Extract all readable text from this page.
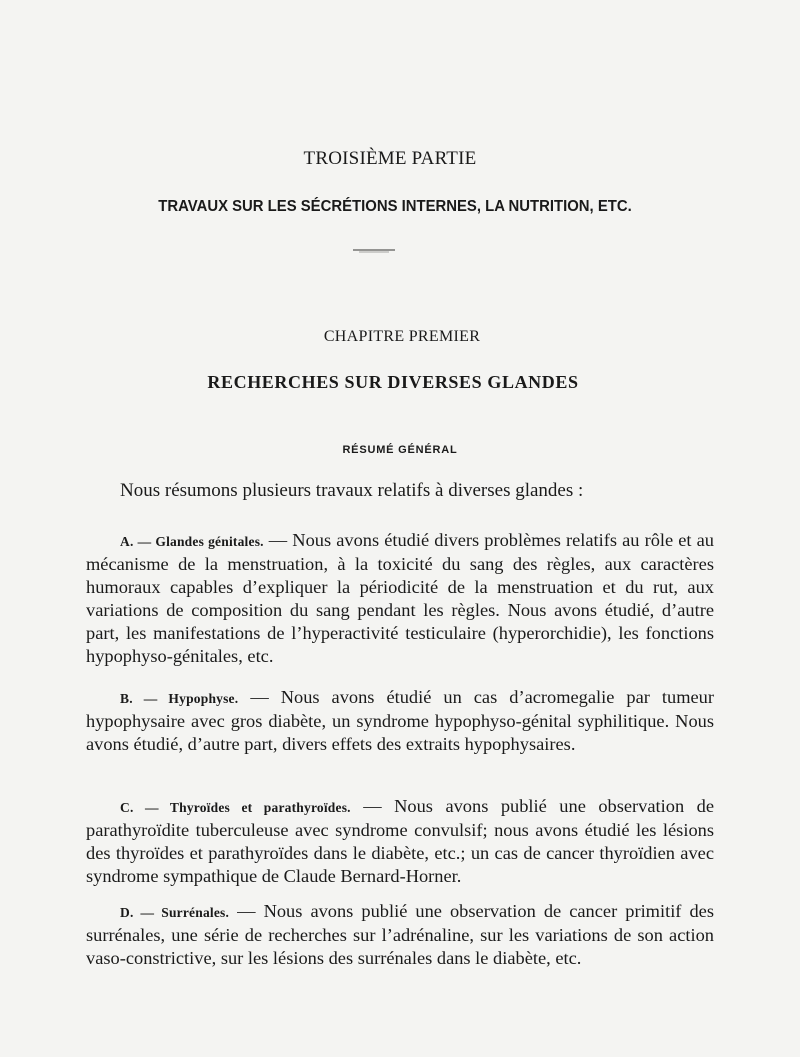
TROISIÈME PARTIE
TRAVAUX SUR LES SÉCRÉTIONS INTERNES, LA NUTRITION, ETC.
CHAPITRE PREMIER
RECHERCHES SUR DIVERSES GLANDES
RÉSUMÉ GÉNÉRAL
Nous résumons plusieurs travaux relatifs à diverses glandes :

A. — Glandes génitales. — Nous avons étudié divers problèmes relatifs au rôle et au mécanisme de la menstruation, à la toxicité du sang des règles, aux caractères humoraux capables d’expliquer la périodicité de la menstruation et du rut, aux variations de composition du sang pendant les règles. Nous avons étudié, d’autre part, les manifestations de l’hyperactivité testiculaire (hyperorchidie), les fonctions hypophyso-génitales, etc.

B. — Hypophyse. — Nous avons étudié un cas d’acromegalie par tumeur hypophysaire avec gros diabète, un syndrome hypophyso-génital syphilitique. Nous avons étudié, d’autre part, divers effets des extraits hypophysaires.

C. — Thyroïdes et parathyroïdes. — Nous avons publié une observation de parathyroïdite tuberculeuse avec syndrome convulsif; nous avons étudié les lésions des thyroïdes et parathyroïdes dans le diabète, etc.; un cas de cancer thyroïdien avec syndrome sympathique de Claude Bernard-Horner.

D. — Surrénales. — Nous avons publié une observation de cancer primitif des surrénales, une série de recherches sur l’adrénaline, sur les variations de son action vaso-constrictive, sur les lésions des surrénales dans le diabète, etc.
